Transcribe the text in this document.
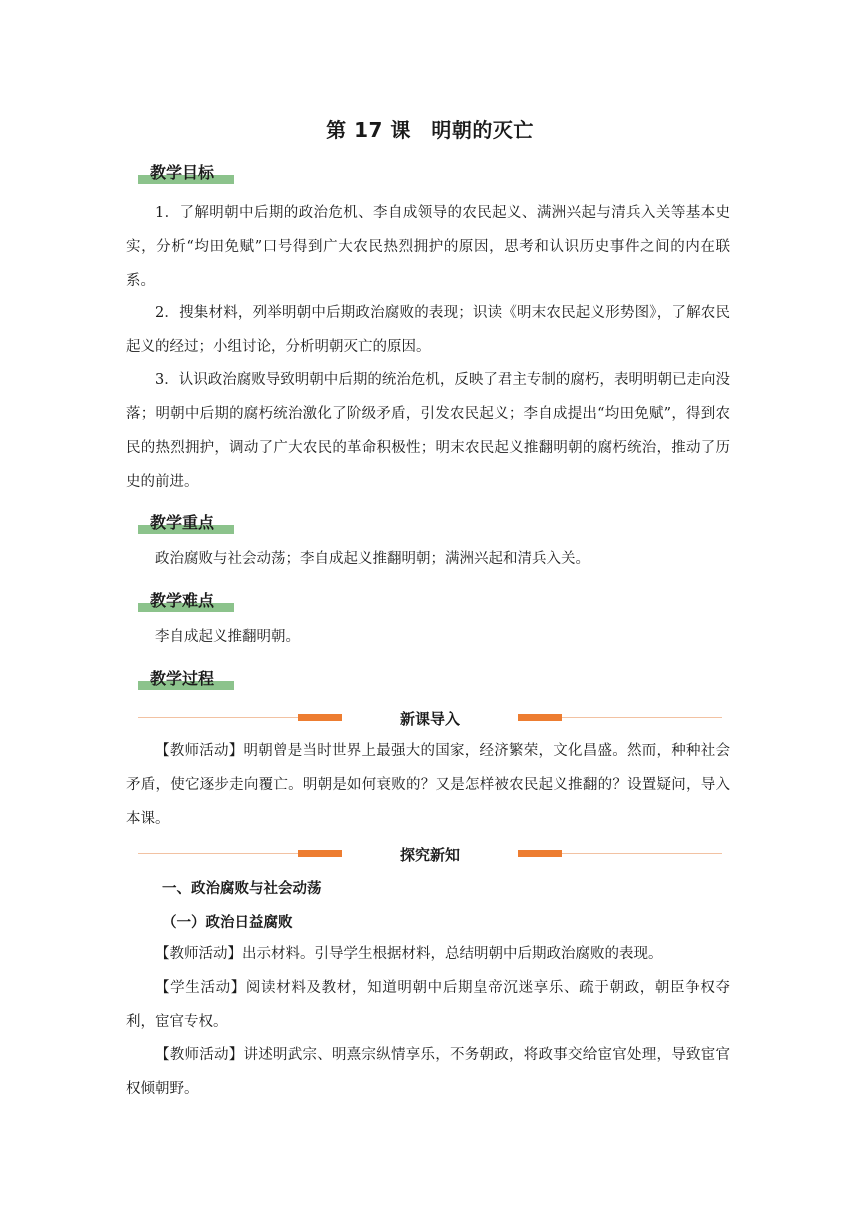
第 17 课　明朝的灭亡
教学目标

1．了解明朝中后期的政治危机、李自成领导的农民起义、满洲兴起与清兵入关等基本史实，分析“均田免赋”口号得到广大农民热烈拥护的原因，思考和认识历史事件之间的内在联系。

2．搜集材料，列举明朝中后期政治腐败的表现；识读《明末农民起义形势图》，了解农民起义的经过；小组讨论，分析明朝灭亡的原因。

3．认识政治腐败导致明朝中后期的统治危机，反映了君主专制的腐朽，表明明朝已走向没落；明朝中后期的腐朽统治激化了阶级矛盾，引发农民起义；李自成提出“均田免赋”，得到农民的热烈拥护，调动了广大农民的革命积极性；明末农民起义推翻明朝的腐朽统治，推动了历史的前进。

教学重点

政治腐败与社会动荡；李自成起义推翻明朝；满洲兴起和清兵入关。

教学难点

李自成起义推翻明朝。

教学过程
新课导入

【教师活动】明朝曾是当时世界上最强大的国家，经济繁荣，文化昌盛。然而，种种社会矛盾，使它逐步走向覆亡。明朝是如何衰败的？又是怎样被农民起义推翻的？设置疑问，导入本课。

探究新知
一、政治腐败与社会动荡
（一）政治日益腐败

【教师活动】出示材料。引导学生根据材料，总结明朝中后期政治腐败的表现。

【学生活动】阅读材料及教材，知道明朝中后期皇帝沉迷享乐、疏于朝政，朝臣争权夺利，宦官专权。

【教师活动】讲述明武宗、明熹宗纵情享乐，不务朝政，将政事交给宦官处理，导致宦官权倾朝野。
